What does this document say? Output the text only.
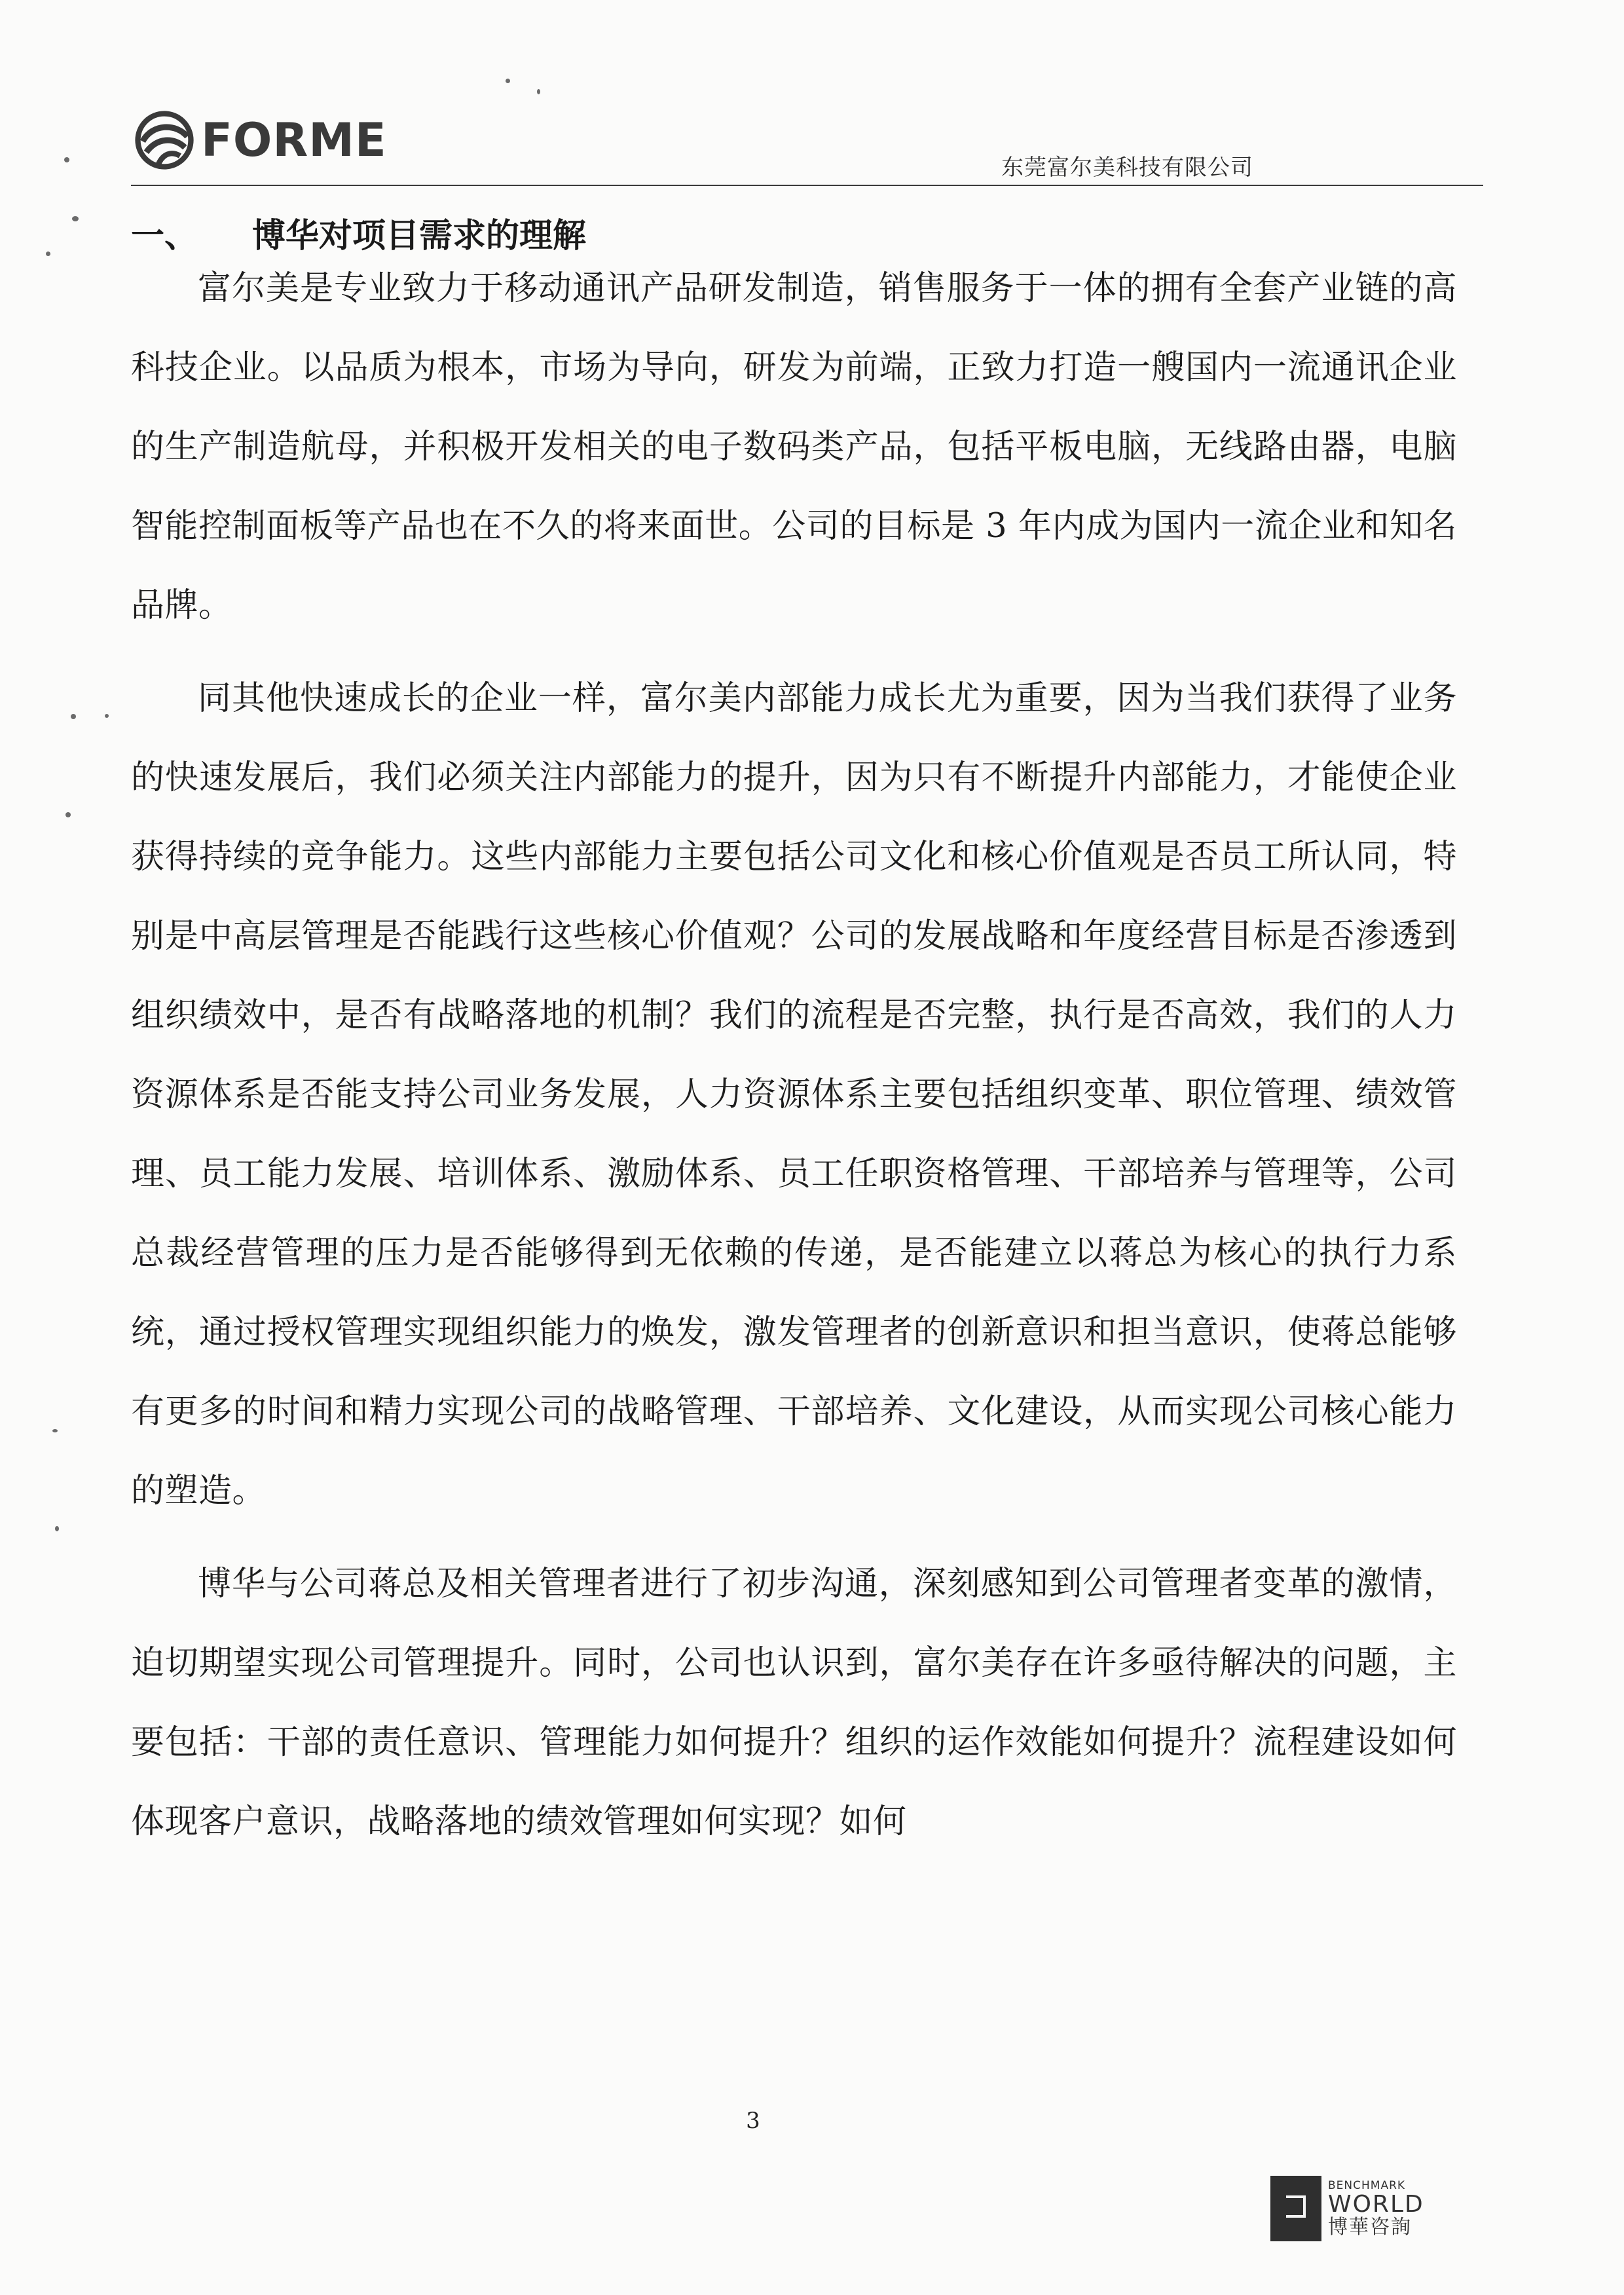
FORME
东莞富尔美科技有限公司
一、 博华对项目需求的理解

富尔美是专业致力于移动通讯产品研发制造，销售服务于一体的拥有全套产业链的高科技企业。以品质为根本，市场为导向，研发为前端，正致力打造一艘国内一流通讯企业的生产制造航母，并积极开发相关的电子数码类产品，包括平板电脑，无线路由器，电脑智能控制面板等产品也在不久的将来面世。公司的目标是 3 年内成为国内一流企业和知名品牌。

同其他快速成长的企业一样，富尔美内部能力成长尤为重要，因为当我们获得了业务的快速发展后，我们必须关注内部能力的提升，因为只有不断提升内部能力，才能使企业获得持续的竞争能力。这些内部能力主要包括公司文化和核心价值观是否员工所认同，特别是中高层管理是否能践行这些核心价值观？公司的发展战略和年度经营目标是否渗透到组织绩效中，是否有战略落地的机制？我们的流程是否完整，执行是否高效，我们的人力资源体系是否能支持公司业务发展，人力资源体系主要包括组织变革、职位管理、绩效管理、员工能力发展、培训体系、激励体系、员工任职资格管理、干部培养与管理等，公司总裁经营管理的压力是否能够得到无依赖的传递，是否能建立以蒋总为核心的执行力系统，通过授权管理实现组织能力的焕发，激发管理者的创新意识和担当意识，使蒋总能够有更多的时间和精力实现公司的战略管理、干部培养、文化建设，从而实现公司核心能力的塑造。

博华与公司蒋总及相关管理者进行了初步沟通，深刻感知到公司管理者变革的激情，迫切期望实现公司管理提升。同时，公司也认识到，富尔美存在许多亟待解决的问题，主要包括：干部的责任意识、管理能力如何提升？组织的运作效能如何提升？流程建设如何体现客户意识，战略落地的绩效管理如何实现？如何

3
BENCHMARK
WORLD
博華咨詢
